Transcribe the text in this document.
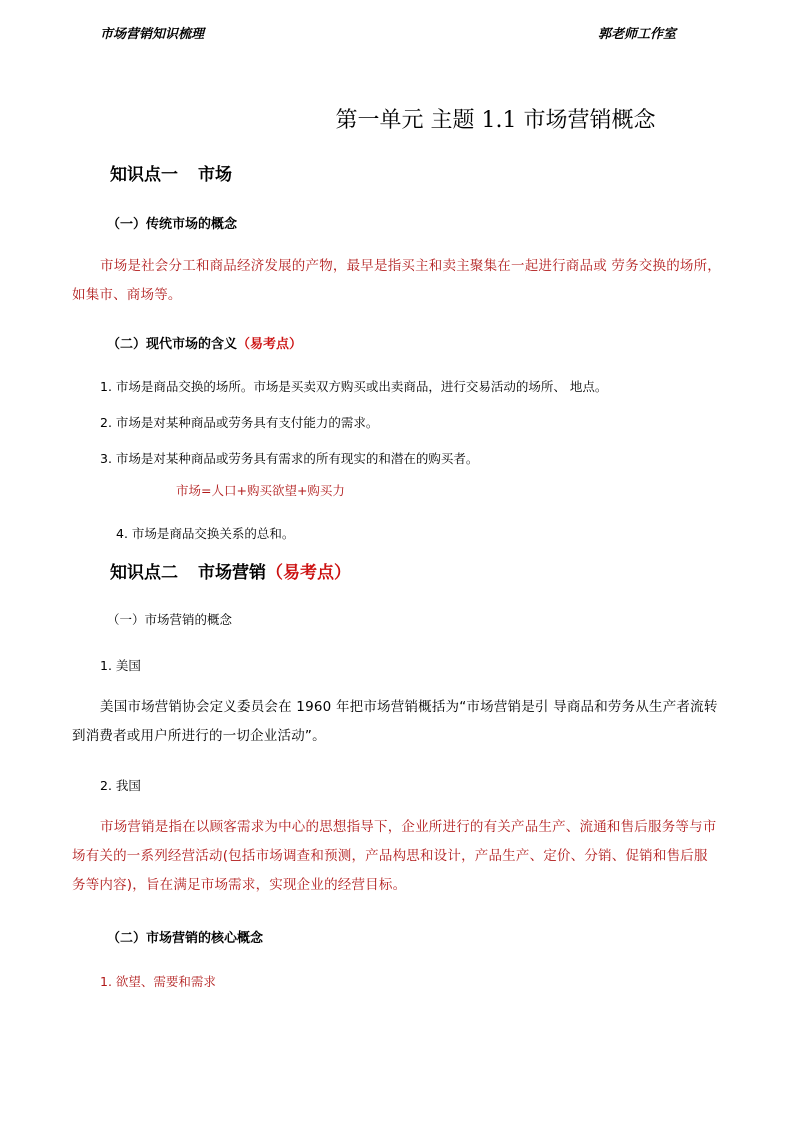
市场营销知识梳理	郭老师工作室
第一单元 主题 1.1 市场营销概念
知识点一 市场
（一）传统市场的概念
市场是社会分工和商品经济发展的产物，最早是指买主和卖主聚集在一起进行商品或 劳务交换的场所，如集市、商场等。
（二）现代市场的含义（易考点）
1. 市场是商品交换的场所。市场是买卖双方购买或出卖商品，进行交易活动的场所、 地点。
2. 市场是对某种商品或劳务具有支付能力的需求。
3. 市场是对某种商品或劳务具有需求的所有现实的和潜在的购买者。
市场=人口+购买欲望+购买力
4. 市场是商品交换关系的总和。
知识点二 市场营销（易考点）
（一）市场营销的概念
1. 美国
美国市场营销协会定义委员会在 1960 年把市场营销概括为“市场营销是引 导商品和劳务从生产者流转到消费者或用户所进行的一切企业活动”。
2. 我国
市场营销是指在以顾客需求为中心的思想指导下，企业所进行的有关产品生产、流通和售后服务等与市场有关的一系列经营活动(包括市场调查和预测，产品构思和设计，产品生产、定价、分销、促销和售后服 务等内容)，旨在满足市场需求，实现企业的经营目标。
（二）市场营销的核心概念
1. 欲望、需要和需求
